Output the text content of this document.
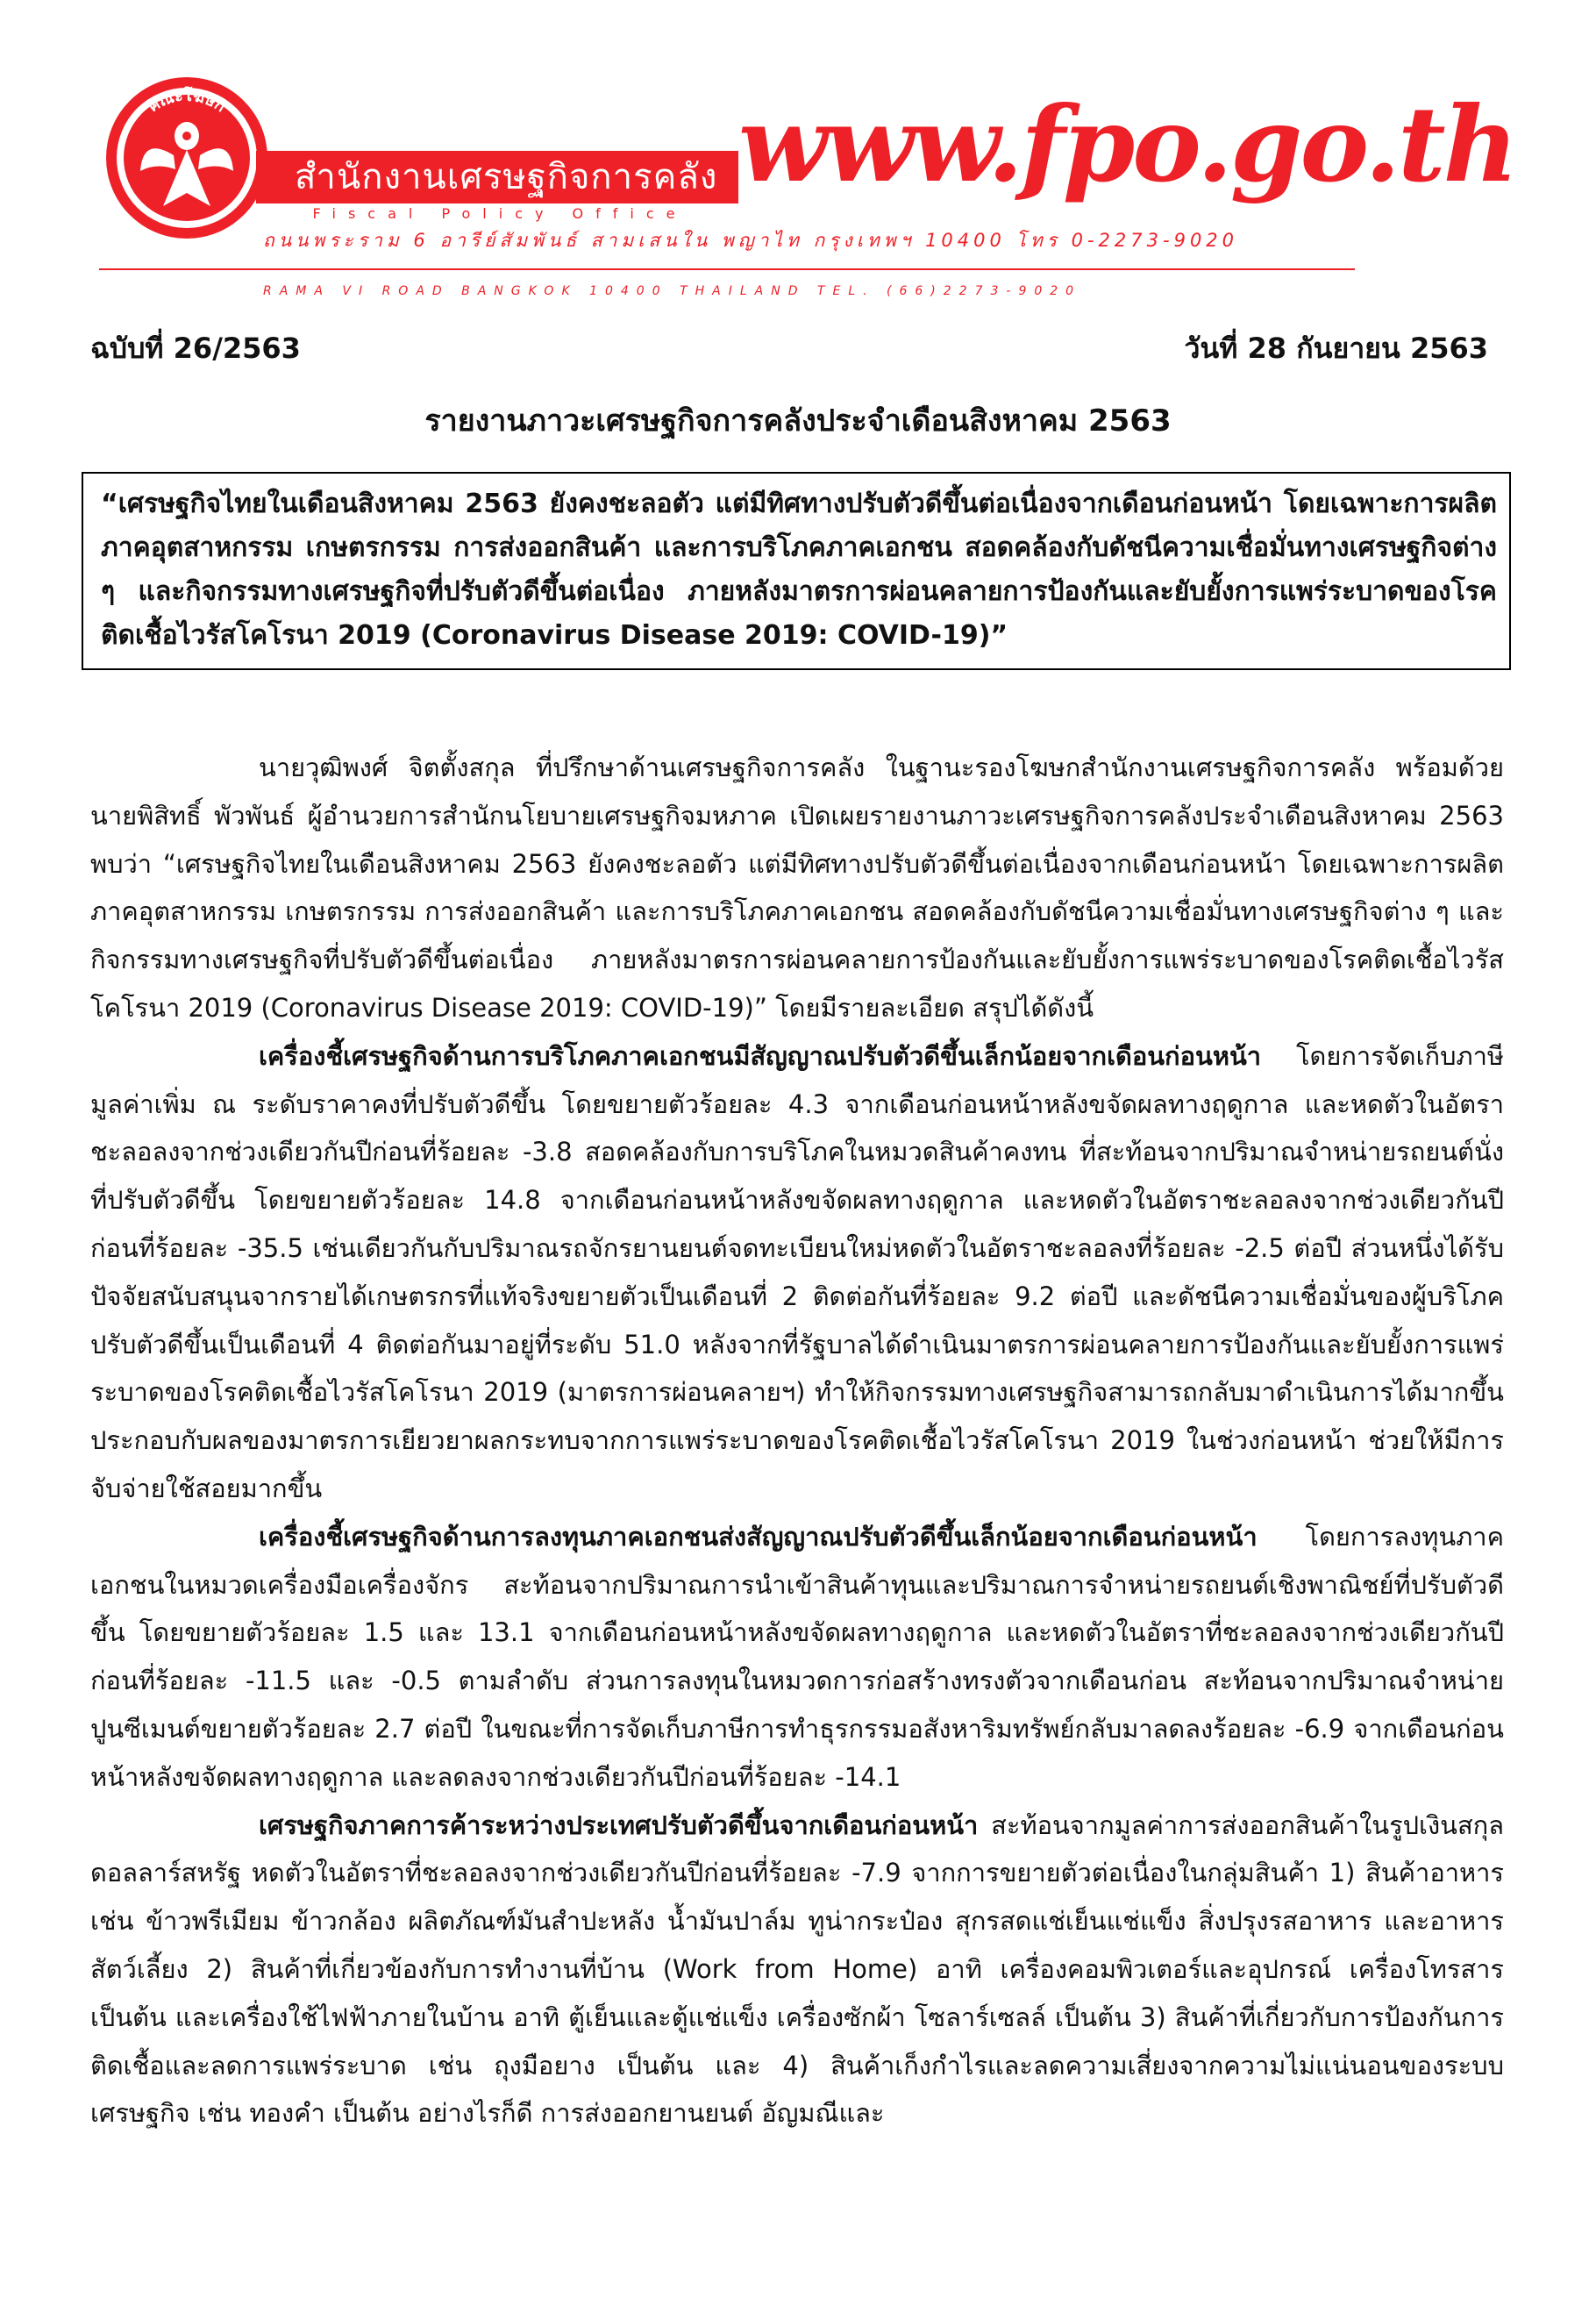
คณะโฆษก
สำนักงานเศรษฐกิจการคลัง
Fiscal Policy Office
www.fpo.go.th
ถนนพระราม 6 อารีย์สัมพันธ์ สามเสนใน พญาไท กรุงเทพฯ 10400 โทร 0-2273-9020
RAMA VI ROAD BANGKOK 10400 THAILAND TEL. (66)2273-9020
ฉบับที่ 26/2563	วันที่ 28 กันยายน 2563
รายงานภาวะเศรษฐกิจการคลังประจำเดือนสิงหาคม 2563
“เศรษฐกิจไทยในเดือนสิงหาคม 2563 ยังคงชะลอตัว แต่มีทิศทางปรับตัวดีขึ้นต่อเนื่องจากเดือนก่อนหน้า โดยเฉพาะการผลิตภาคอุตสาหกรรม เกษตรกรรม การส่งออกสินค้า และการบริโภคภาคเอกชน สอดคล้องกับดัชนีความเชื่อมั่นทางเศรษฐกิจต่าง ๆ และกิจกรรมทางเศรษฐกิจที่ปรับตัวดีขึ้นต่อเนื่อง ภายหลังมาตรการผ่อนคลายการป้องกันและยับยั้งการแพร่ระบาดของโรคติดเชื้อไวรัสโคโรนา 2019 (Coronavirus Disease 2019: COVID-19)”

นายวุฒิพงศ์ จิตตั้งสกุล ที่ปรึกษาด้านเศรษฐกิจการคลัง ในฐานะรองโฆษกสำนักงานเศรษฐกิจการคลัง พร้อมด้วย นายพิสิทธิ์ พัวพันธ์ ผู้อำนวยการสำนักนโยบายเศรษฐกิจมหภาค เปิดเผยรายงานภาวะเศรษฐกิจการคลังประจำเดือนสิงหาคม 2563 พบว่า “เศรษฐกิจไทยในเดือนสิงหาคม 2563 ยังคงชะลอตัว แต่มีทิศทางปรับตัวดีขึ้นต่อเนื่องจากเดือนก่อนหน้า โดยเฉพาะการผลิตภาคอุตสาหกรรม เกษตรกรรม การส่งออกสินค้า และการบริโภคภาคเอกชน สอดคล้องกับดัชนีความเชื่อมั่นทางเศรษฐกิจต่าง ๆ และกิจกรรมทางเศรษฐกิจที่ปรับตัวดีขึ้นต่อเนื่อง ภายหลังมาตรการผ่อนคลายการป้องกันและยับยั้งการแพร่ระบาดของโรคติดเชื้อไวรัสโคโรนา 2019 (Coronavirus Disease 2019: COVID-19)” โดยมีรายละเอียด สรุปได้ดังนี้

เครื่องชี้เศรษฐกิจด้านการบริโภคภาคเอกชนมีสัญญาณปรับตัวดีขึ้นเล็กน้อยจากเดือนก่อนหน้า โดยการจัดเก็บภาษีมูลค่าเพิ่ม ณ ระดับราคาคงที่ปรับตัวดีขึ้น โดยขยายตัวร้อยละ 4.3 จากเดือนก่อนหน้าหลังขจัดผลทางฤดูกาล และหดตัวในอัตราชะลอลงจากช่วงเดียวกันปีก่อนที่ร้อยละ -3.8 สอดคล้องกับการบริโภคในหมวดสินค้าคงทน ที่สะท้อนจากปริมาณจำหน่ายรถยนต์นั่งที่ปรับตัวดีขึ้น โดยขยายตัวร้อยละ 14.8 จากเดือนก่อนหน้าหลังขจัดผลทางฤดูกาล และหดตัวในอัตราชะลอลงจากช่วงเดียวกันปีก่อนที่ร้อยละ -35.5 เช่นเดียวกันกับปริมาณรถจักรยานยนต์จดทะเบียนใหม่หดตัวในอัตราชะลอลงที่ร้อยละ -2.5 ต่อปี ส่วนหนึ่งได้รับปัจจัยสนับสนุนจากรายได้เกษตรกรที่แท้จริงขยายตัวเป็นเดือนที่ 2 ติดต่อกันที่ร้อยละ 9.2 ต่อปี และดัชนีความเชื่อมั่นของผู้บริโภคปรับตัวดีขึ้นเป็นเดือนที่ 4 ติดต่อกันมาอยู่ที่ระดับ 51.0 หลังจากที่รัฐบาลได้ดำเนินมาตรการผ่อนคลายการป้องกันและยับยั้งการแพร่ระบาดของโรคติดเชื้อไวรัสโคโรนา 2019 (มาตรการผ่อนคลายฯ) ทำให้กิจกรรมทางเศรษฐกิจสามารถกลับมาดำเนินการได้มากขึ้น ประกอบกับผลของมาตรการเยียวยาผลกระทบจากการแพร่ระบาดของโรคติดเชื้อไวรัสโคโรนา 2019 ในช่วงก่อนหน้า ช่วยให้มีการจับจ่ายใช้สอยมากขึ้น

เครื่องชี้เศรษฐกิจด้านการลงทุนภาคเอกชนส่งสัญญาณปรับตัวดีขึ้นเล็กน้อยจากเดือนก่อนหน้า โดยการลงทุนภาคเอกชนในหมวดเครื่องมือเครื่องจักร สะท้อนจากปริมาณการนำเข้าสินค้าทุนและปริมาณการจำหน่ายรถยนต์เชิงพาณิชย์ที่ปรับตัวดีขึ้น โดยขยายตัวร้อยละ 1.5 และ 13.1 จากเดือนก่อนหน้าหลังขจัดผลทางฤดูกาล และหดตัวในอัตราที่ชะลอลงจากช่วงเดียวกันปีก่อนที่ร้อยละ -11.5 และ -0.5 ตามลำดับ ส่วนการลงทุนในหมวดการก่อสร้างทรงตัวจากเดือนก่อน สะท้อนจากปริมาณจำหน่ายปูนซีเมนต์ขยายตัวร้อยละ 2.7 ต่อปี ในขณะที่การจัดเก็บภาษีการทำธุรกรรมอสังหาริมทรัพย์กลับมาลดลงร้อยละ -6.9 จากเดือนก่อนหน้าหลังขจัดผลทางฤดูกาล และลดลงจากช่วงเดียวกันปีก่อนที่ร้อยละ -14.1

เศรษฐกิจภาคการค้าระหว่างประเทศปรับตัวดีขึ้นจากเดือนก่อนหน้า สะท้อนจากมูลค่าการส่งออกสินค้าในรูปเงินสกุลดอลลาร์สหรัฐ หดตัวในอัตราที่ชะลอลงจากช่วงเดียวกันปีก่อนที่ร้อยละ -7.9 จากการขยายตัวต่อเนื่องในกลุ่มสินค้า 1) สินค้าอาหาร เช่น ข้าวพรีเมียม ข้าวกล้อง ผลิตภัณฑ์มันสำปะหลัง น้ำมันปาล์ม ทูน่ากระป๋อง สุกรสดแช่เย็นแช่แข็ง สิ่งปรุงรสอาหาร และอาหารสัตว์เลี้ยง 2) สินค้าที่เกี่ยวข้องกับการทำงานที่บ้าน (Work from Home) อาทิ เครื่องคอมพิวเตอร์และอุปกรณ์ เครื่องโทรสาร เป็นต้น และเครื่องใช้ไฟฟ้าภายในบ้าน อาทิ ตู้เย็นและตู้แช่แข็ง เครื่องซักผ้า โซลาร์เซลล์ เป็นต้น 3) สินค้าที่เกี่ยวกับการป้องกันการติดเชื้อและลดการแพร่ระบาด เช่น ถุงมือยาง เป็นต้น และ 4) สินค้าเก็งกำไรและลดความเสี่ยงจากความไม่แน่นอนของระบบเศรษฐกิจ เช่น ทองคำ เป็นต้น อย่างไรก็ดี การส่งออกยานยนต์ อัญมณีและ
